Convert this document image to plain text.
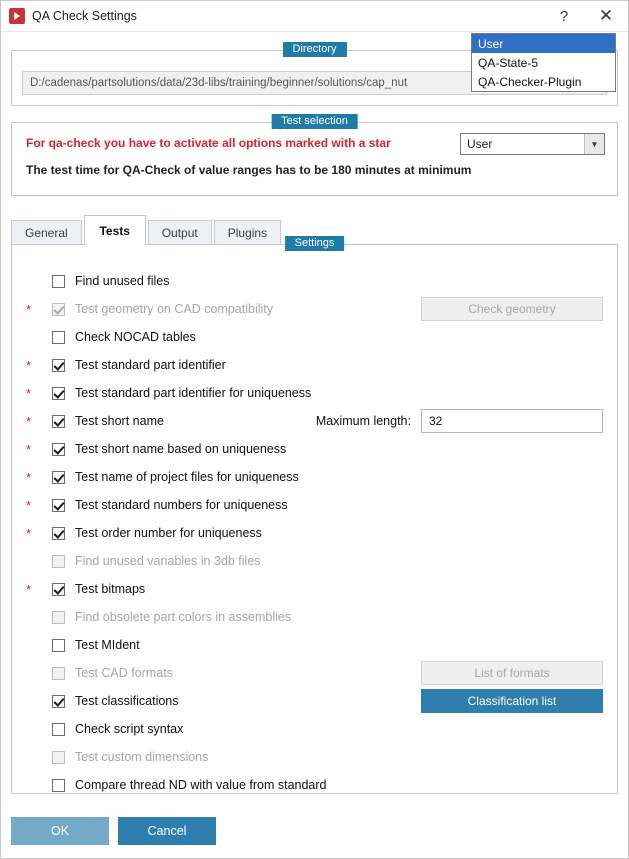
QA Check Settings	?	✕
Directory
D:/cadenas/partsolutions/data/23d-libs/training/beginner/solutions/cap_nut
Test selection
For qa-check you have to activate all options marked with a star
The test time for QA-Check of value ranges has to be 180 minutes at minimum
User	▼
User
QA-State-5
QA-Checker-Plugin
General	Tests	Output	Plugins
Settings
Find unused files
*	Test geometry on CAD compatibility	Check geometry
Check NOCAD tables
*	Test standard part identifier
*	Test standard part identifier for uniqueness
*	Test short name	Maximum length:	32
*	Test short name based on uniqueness
*	Test name of project files for uniqueness
*	Test standard numbers for uniqueness
*	Test order number for uniqueness
Find unused variables in 3db files
*	Test bitmaps
Find obsolete part colors in assemblies
Test MIdent
Test CAD formats	List of formats
Test classifications	Classification list
Check script syntax
Test custom dimensions
Compare thread ND with value from standard
OK	Cancel
